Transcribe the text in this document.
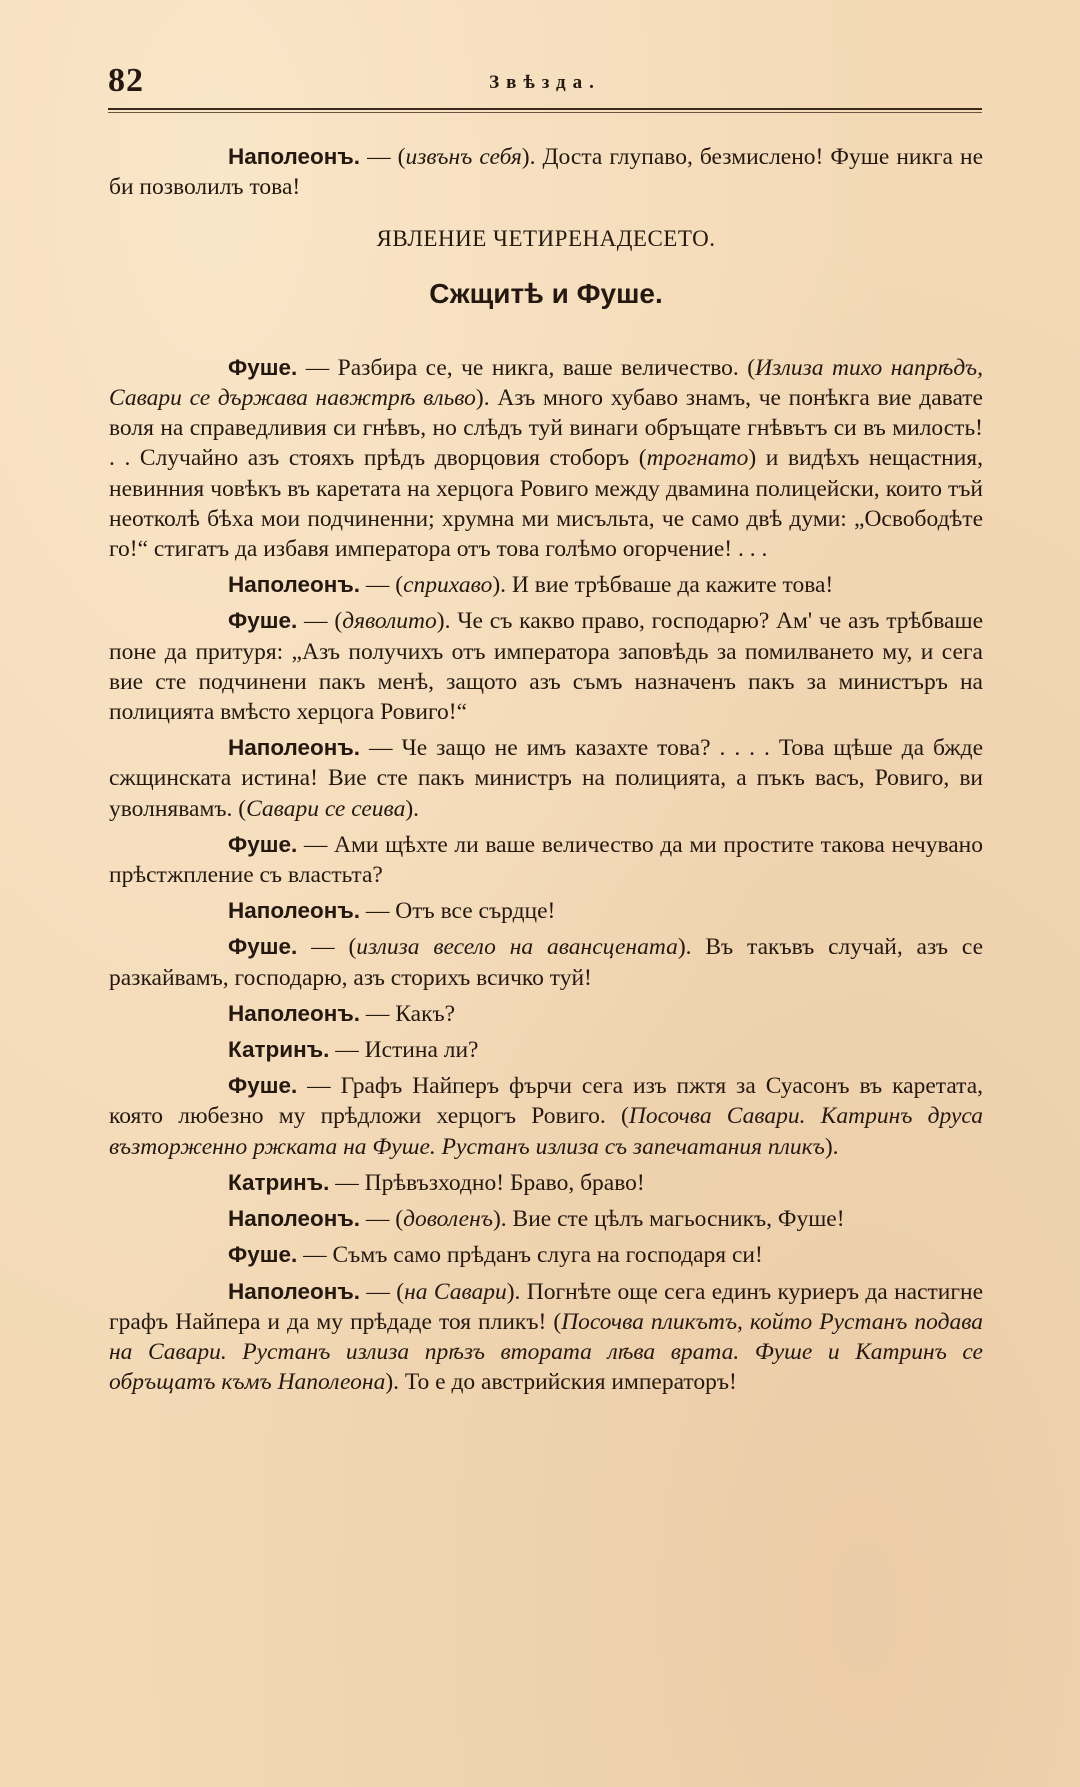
82	Звѣзда.

Наполеонъ. — (извънъ себя). Доста глупаво, безмислено! Фуше никга не би позволилъ това!

ЯВЛЕНИЕ ЧЕТИРЕНАДЕСЕТО.

Сжщитѣ и Фуше.

Фуше. — Разбира се, че никга, ваше величество. (Излиза тихо напрѣдъ, Савари се държава навжтрѣ вльво). Азъ много хубаво знамъ, че понѣкга вие давате воля на справедливия си гнѣвъ, но слѣдъ туй винаги обръщате гнѣвътъ си въ милость! . . Случайно азъ стояхъ прѣдъ дворцовия стоборъ (трогнато) и видѣхъ нещастния, невинния човѣкъ въ каретата на херцога Ровиго между двамина полицейски, които тъй неотколѣ бѣха мои подчиненни; хрумна ми мисъльта, че само двѣ думи: „Освободѣте го!“ стигатъ да избавя императора отъ това голѣмо огорчение! . . .

Наполеонъ. — (сприхаво). И вие трѣбваше да кажите това!

Фуше. — (дяволито). Че съ какво право, господарю? Ам' че азъ трѣбваше поне да притуря: „Азъ получихъ отъ императора заповѣдь за помилването му, и сега вие сте подчинени пакъ менѣ, защото азъ съмъ назначенъ пакъ за министъръ на полицията вмѣсто херцога Ровиго!“

Наполеонъ. — Че защо не имъ казахте това? . . . . Това щѣше да бжде сжщинската истина! Вие сте пакъ министръ на полицията, а пъкъ васъ, Ровиго, ви уволнявамъ. (Савари се сеива).

Фуше. — Ами щѣхте ли ваше величество да ми простите такова нечувано прѣстжпление съ властьта?

Наполеонъ. — Отъ все сърдце!

Фуше. — (излиза весело на авансцената). Въ такъвъ случай, азъ се разкайвамъ, господарю, азъ сторихъ всичко туй!

Наполеонъ. — Какъ?

Катринъ. — Истина ли?

Фуше. — Графъ Найперъ фърчи сега изъ пжтя за Суасонъ въ каретата, която любезно му прѣдложи херцогъ Ровиго. (Посочва Савари. Катринъ друса възторженно ржката на Фуше. Рустанъ излиза съ запечатания пликъ).

Катринъ. — Прѣвъзходно! Браво, браво!

Наполеонъ. — (доволенъ). Вие сте цѣлъ магьосникъ, Фуше!

Фуше. — Съмъ само прѣданъ слуга на господаря си!

Наполеонъ. — (на Савари). Погнѣте още сега единъ куриеръ да настигне графъ Найпера и да му прѣдаде тоя пликъ! (Посочва пликътъ, който Рустанъ подава на Савари. Рустанъ излиза прѣзъ втората лѣва врата. Фуше и Катринъ се обръщатъ къмъ Наполеона). То е до австрийския императоръ!
